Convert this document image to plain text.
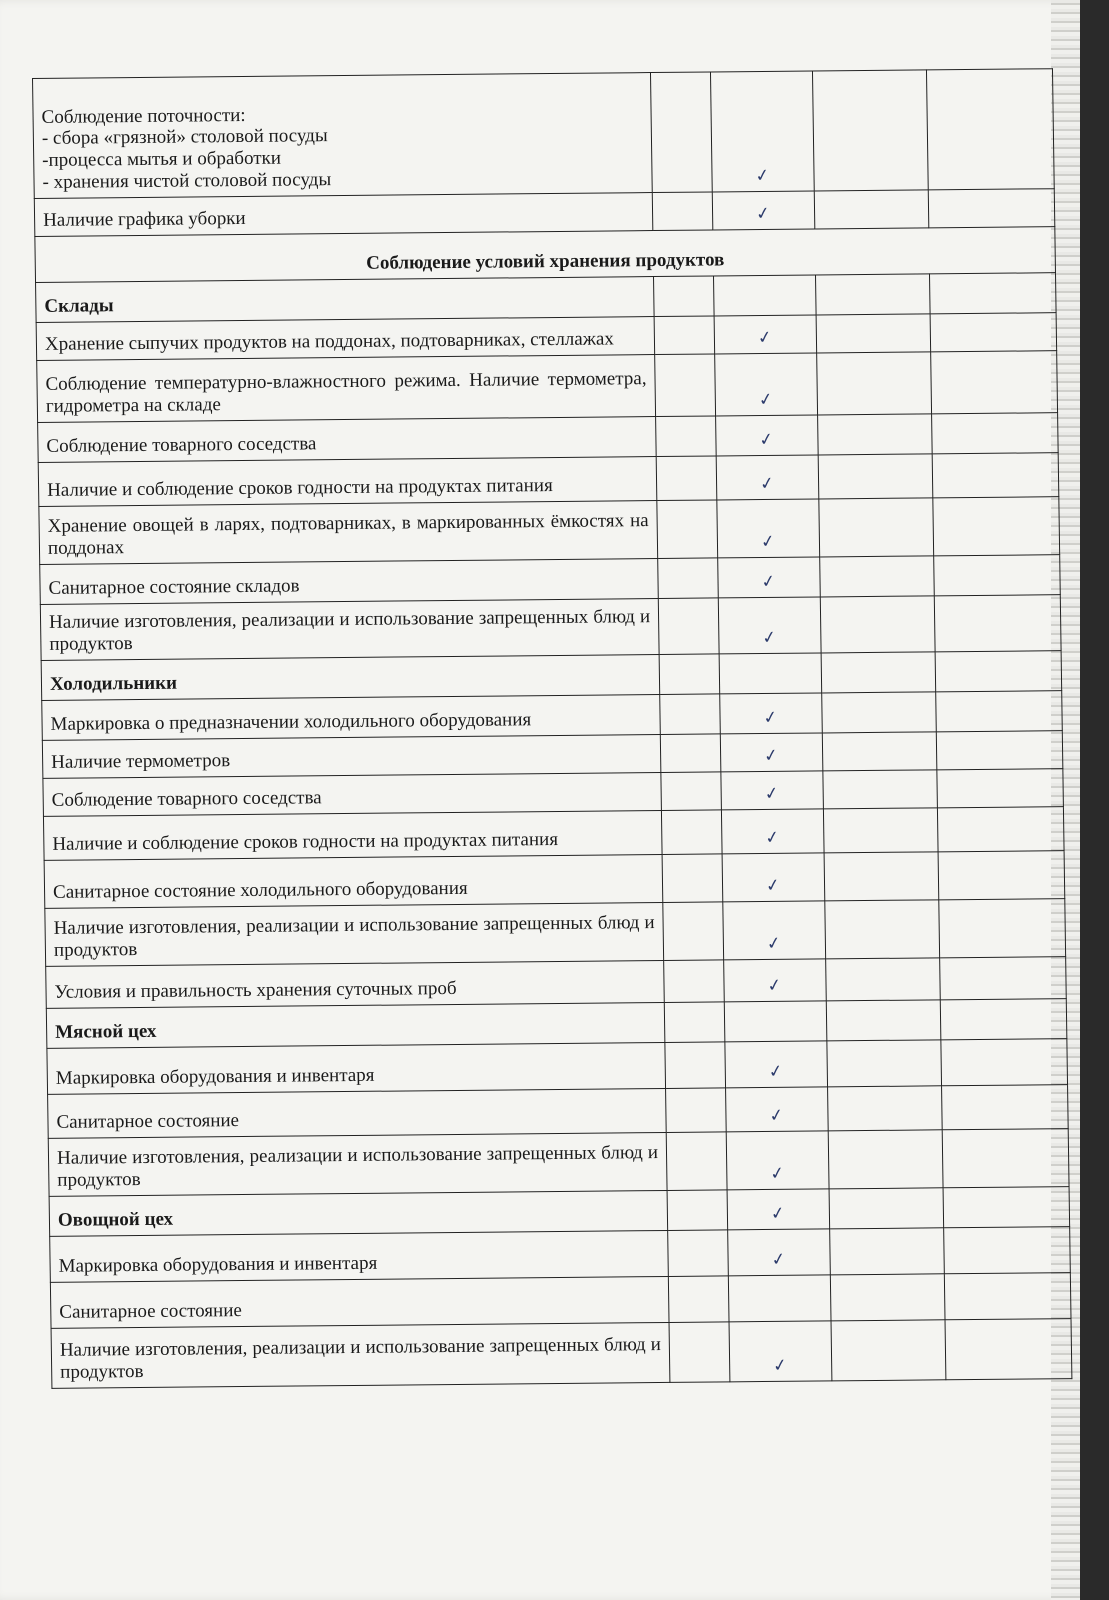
Соблюдение поточности:
- сбора «грязной» столовой посуды
-процесса мытья и обработки
- хранения чистой столовой посуды		✓		

Наличие графика уборки		✓		
Соблюдение условий хранения продуктов				
Склады				

Хранение сыпучих продуктов на поддонах, подтоварниках, стеллажах		✓		
Соблюдение температурно-влажностного режима. Наличие термометра, гидрометра на складе		✓		

Соблюдение товарного соседства		✓		

Наличие и соблюдение сроков годности на продуктах питания		✓		
Хранение овощей в ларях, подтоварниках, в маркированных ёмкостях на поддонах		✓		

Санитарное состояние складов		✓		
Наличие изготовления, реализации и использование запрещенных блюд и продуктов		✓		
Холодильники				

Маркировка о предназначении холодильного оборудования		✓		

Наличие термометров		✓		

Соблюдение товарного соседства		✓		

Наличие и соблюдение сроков годности на продуктах питания		✓		

Санитарное состояние холодильного оборудования		✓		
Наличие изготовления, реализации и использование запрещенных блюд и продуктов		✓		

Условия и правильность хранения суточных проб		✓		
Мясной цех				

Маркировка оборудования и инвентаря		✓		

Санитарное состояние		✓		
Наличие изготовления, реализации и использование запрещенных блюд и продуктов		✓		
Овощной цех		✓		

Маркировка оборудования и инвентаря		✓		

Санитарное состояние				

Наличие изготовления, реализации и использование запрещенных блюд и продуктов		✓		
